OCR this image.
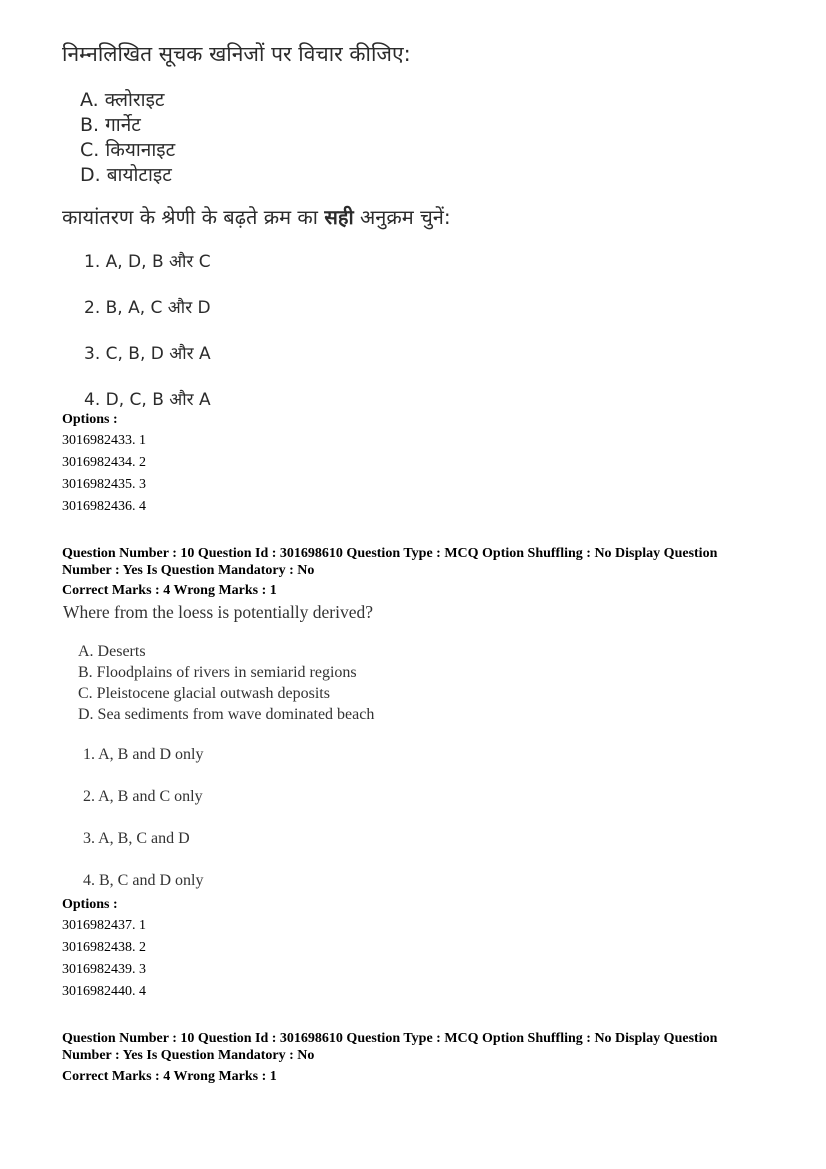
निम्नलिखित सूचक खनिजों पर विचार कीजिए:
A. क्लोराइट
B. गार्नेट
C. कियानाइट
D. बायोटाइट
कायांतरण के श्रेणी के बढ़ते क्रम का सही अनुक्रम चुनें:
1. A, D, B और C
2. B, A, C और D
3. C, B, D और A
4. D, C, B और A
Options :
3016982433. 1
3016982434. 2
3016982435. 3
3016982436. 4
Question Number : 10 Question Id : 301698610 Question Type : MCQ Option Shuffling : No Display Question
Number : Yes Is Question Mandatory : No
Correct Marks : 4 Wrong Marks : 1
Where from the loess is potentially derived?
A. Deserts
B. Floodplains of rivers in semiarid regions
C. Pleistocene glacial outwash deposits
D. Sea sediments from wave dominated beach
1. A, B and D only
2. A, B and C only
3. A, B, C and D
4. B, C and D only
Options :
3016982437. 1
3016982438. 2
3016982439. 3
3016982440. 4
Question Number : 10 Question Id : 301698610 Question Type : MCQ Option Shuffling : No Display Question
Number : Yes Is Question Mandatory : No
Correct Marks : 4 Wrong Marks : 1
